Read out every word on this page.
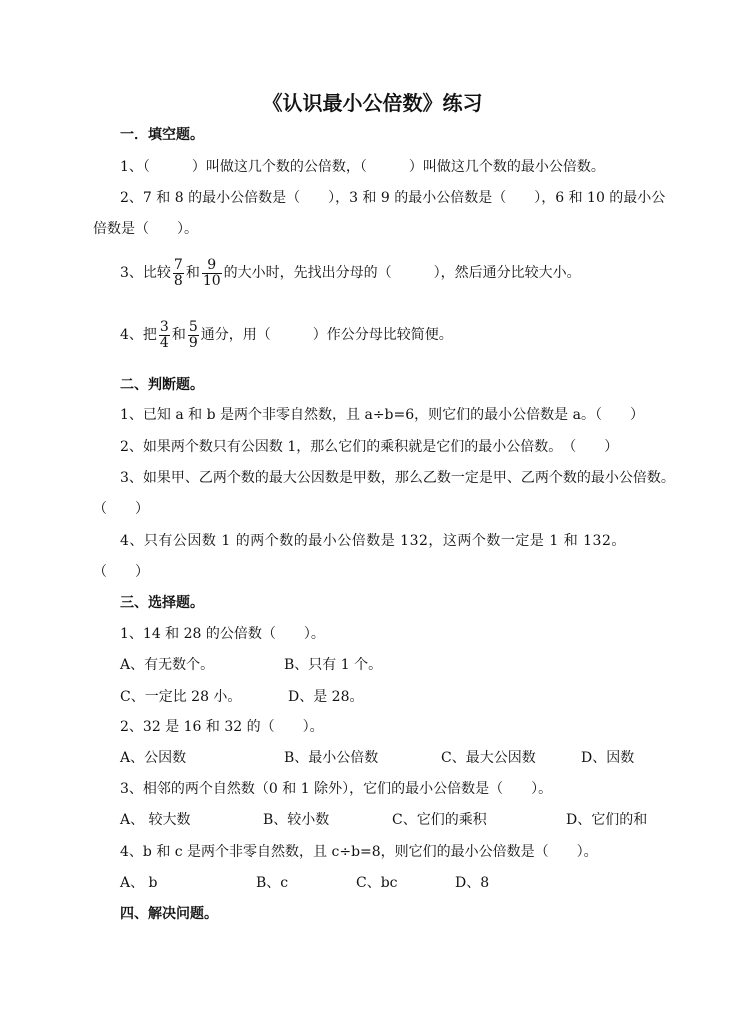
《认识最小公倍数》练习
一．填空题。
1、（　　　）叫做这几个数的公倍数，（　　　）叫做这几个数的最小公倍数。
2、7 和 8 的最小公倍数是（　　），3 和 9 的最小公倍数是（　　），6 和 10 的最小公
倍数是（　　）。
3、比较 $\frac{7}{8}$ 和 $\frac{9}{10}$ 的大小时，先找出分母的（　　　），然后通分比较大小。
4、把 $\frac{3}{4}$ 和 $\frac{5}{9}$ 通分，用（　　　）作公分母比较简便。
二、判断题。
1、已知 a 和 b 是两个非零自然数，且 a÷b=6，则它们的最小公倍数是 a。（　　）
2、如果两个数只有公因数 1，那么它们的乘积就是它们的最小公倍数。　（　　）
3、如果甲、乙两个数的最大公因数是甲数，那么乙数一定是甲、乙两个数的最小公倍数。
（　　）
4、只有公因数 1 的两个数的最小公倍数是 132，这两个数一定是 1 和 132。
（　　）
三、选择题。
1、14 和 28 的公倍数（　　）。
A、有无数个。	B、只有 1 个。
C、一定比 28 小。	D、是 28。
2、32 是 16 和 32 的（　　）。
A、公因数	B、最小公倍数	C、最大公因数	D、因数
3、相邻的两个自然数（0 和 1 除外），它们的最小公倍数是（　　）。
A、 较大数	B、较小数	C、它们的乘积	D、它们的和
4、b 和 c 是两个非零自然数，且 c÷b=8，则它们的最小公倍数是（　　）。
A、 b	B、c	C、bc	D、8
四、解决问题。
